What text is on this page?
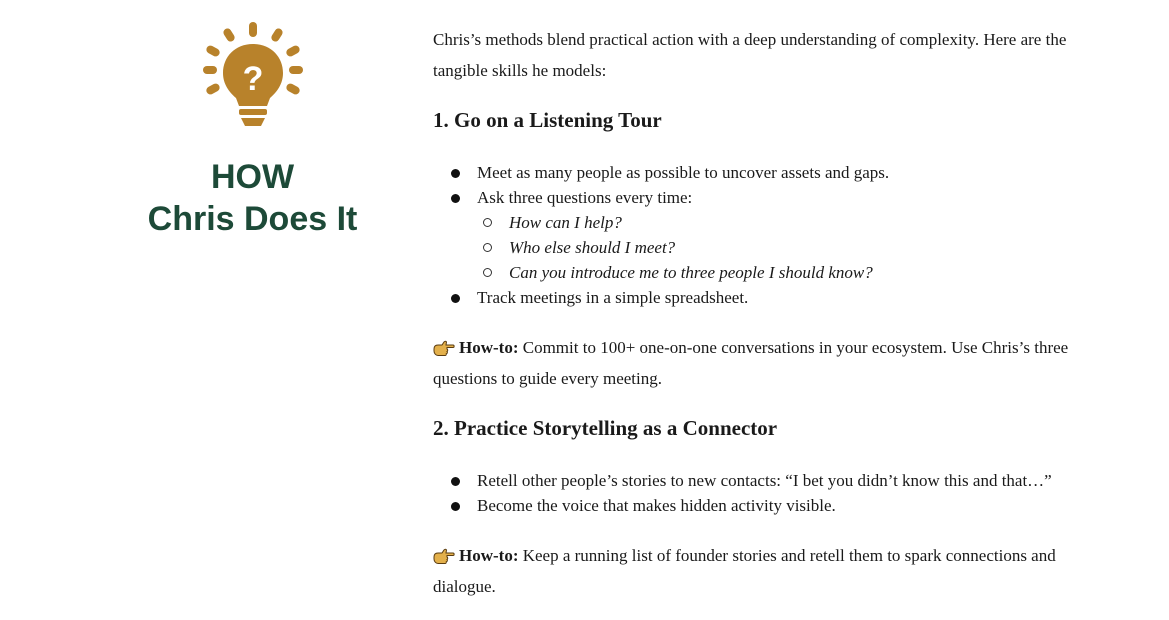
?
HOW
Chris Does It

Chris’s methods blend practical action with a deep understanding of complexity. Here are the tangible skills he models:

1. Go on a Listening Tour
Meet as many people as possible to uncover assets and gaps.
Ask three questions every time:
How can I help?
Who else should I meet?
Can you introduce me to three people I should know?
Track meetings in a simple spreadsheet.

How-to: Commit to 100+ one-on-one conversations in your ecosystem. Use Chris’s three questions to guide every meeting.

2. Practice Storytelling as a Connector
Retell other people’s stories to new contacts: “I bet you didn’t know this and that…”
Become the voice that makes hidden activity visible.

How-to: Keep a running list of founder stories and retell them to spark connections and dialogue.
